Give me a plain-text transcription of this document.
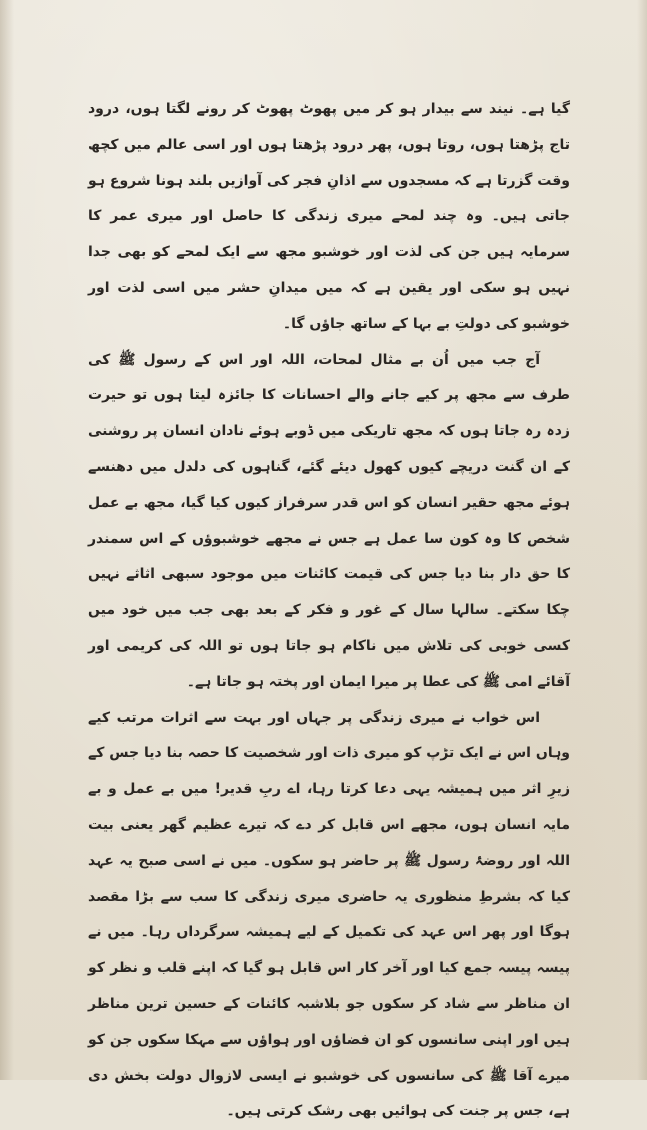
گیا ہے۔ نیند سے بیدار ہو کر میں پھوٹ پھوٹ کر رونے لگتا ہوں، درود تاج پڑھتا ہوں، روتا ہوں، پھر درود پڑھتا ہوں اور اسی عالم میں کچھ وقت گزرتا ہے کہ مسجدوں سے اذانِ فجر کی آوازیں بلند ہونا شروع ہو جاتی ہیں۔ وہ چند لمحے میری زندگی کا حاصل اور میری عمر کا سرمایہ ہیں جن کی لذت اور خوشبو مجھ سے ایک لمحے کو بھی جدا نہیں ہو سکی اور یقین ہے کہ میں میدانِ حشر میں اسی لذت اور خوشبو کی دولتِ بے بہا کے ساتھ جاؤں گا۔

آج جب میں اُن بے مثال لمحات، اللہ اور اس کے رسول ﷺ کی طرف سے مجھ پر کیے جانے والے احسانات کا جائزہ لیتا ہوں تو حیرت زدہ رہ جاتا ہوں کہ مجھ تاریکی میں ڈوبے ہوئے نادان انسان پر روشنی کے ان گنت دریچے کیوں کھول دیئے گئے، گناہوں کی دلدل میں دھنسے ہوئے مجھ حقیر انسان کو اس قدر سرفراز کیوں کیا گیا، مجھ بے عمل شخص کا وہ کون سا عمل ہے جس نے مجھے خوشبوؤں کے اس سمندر کا حق دار بنا دیا جس کی قیمت کائنات میں موجود سبھی اثاثے نہیں چکا سکتے۔ سالہا سال کے غور و فکر کے بعد بھی جب میں خود میں کسی خوبی کی تلاش میں ناکام ہو جاتا ہوں تو اللہ کی کریمی اور آقائے امی ﷺ کی عطا پر میرا ایمان اور پختہ ہو جاتا ہے۔

اس خواب نے میری زندگی پر جہاں اور بہت سے اثرات مرتب کیے وہاں اس نے ایک تڑپ کو میری ذات اور شخصیت کا حصہ بنا دیا جس کے زیرِ اثر میں ہمیشہ یہی دعا کرتا رہا، اے ربِ قدیر! میں بے عمل و بے مایہ انسان ہوں، مجھے اس قابل کر دے کہ تیرے عظیم گھر یعنی بیت اللہ اور روضۂ رسول ﷺ پر حاضر ہو سکوں۔ میں نے اسی صبح یہ عہد کیا کہ بشرطِ منظوری یہ حاضری میری زندگی کا سب سے بڑا مقصد ہوگا اور پھر اس عہد کی تکمیل کے لیے ہمیشہ سرگرداں رہا۔ میں نے پیسہ پیسہ جمع کیا اور آخر کار اس قابل ہو گیا کہ اپنے قلب و نظر کو ان مناظر سے شاد کر سکوں جو بلاشبہ کائنات کے حسین ترین مناظر ہیں اور اپنی سانسوں کو ان فضاؤں اور ہواؤں سے مہکا سکوں جن کو میرے آقا ﷺ کی سانسوں کی خوشبو نے ایسی لازوال دولت بخش دی ہے، جس پر جنت کی ہوائیں بھی رشک کرتی ہیں۔
